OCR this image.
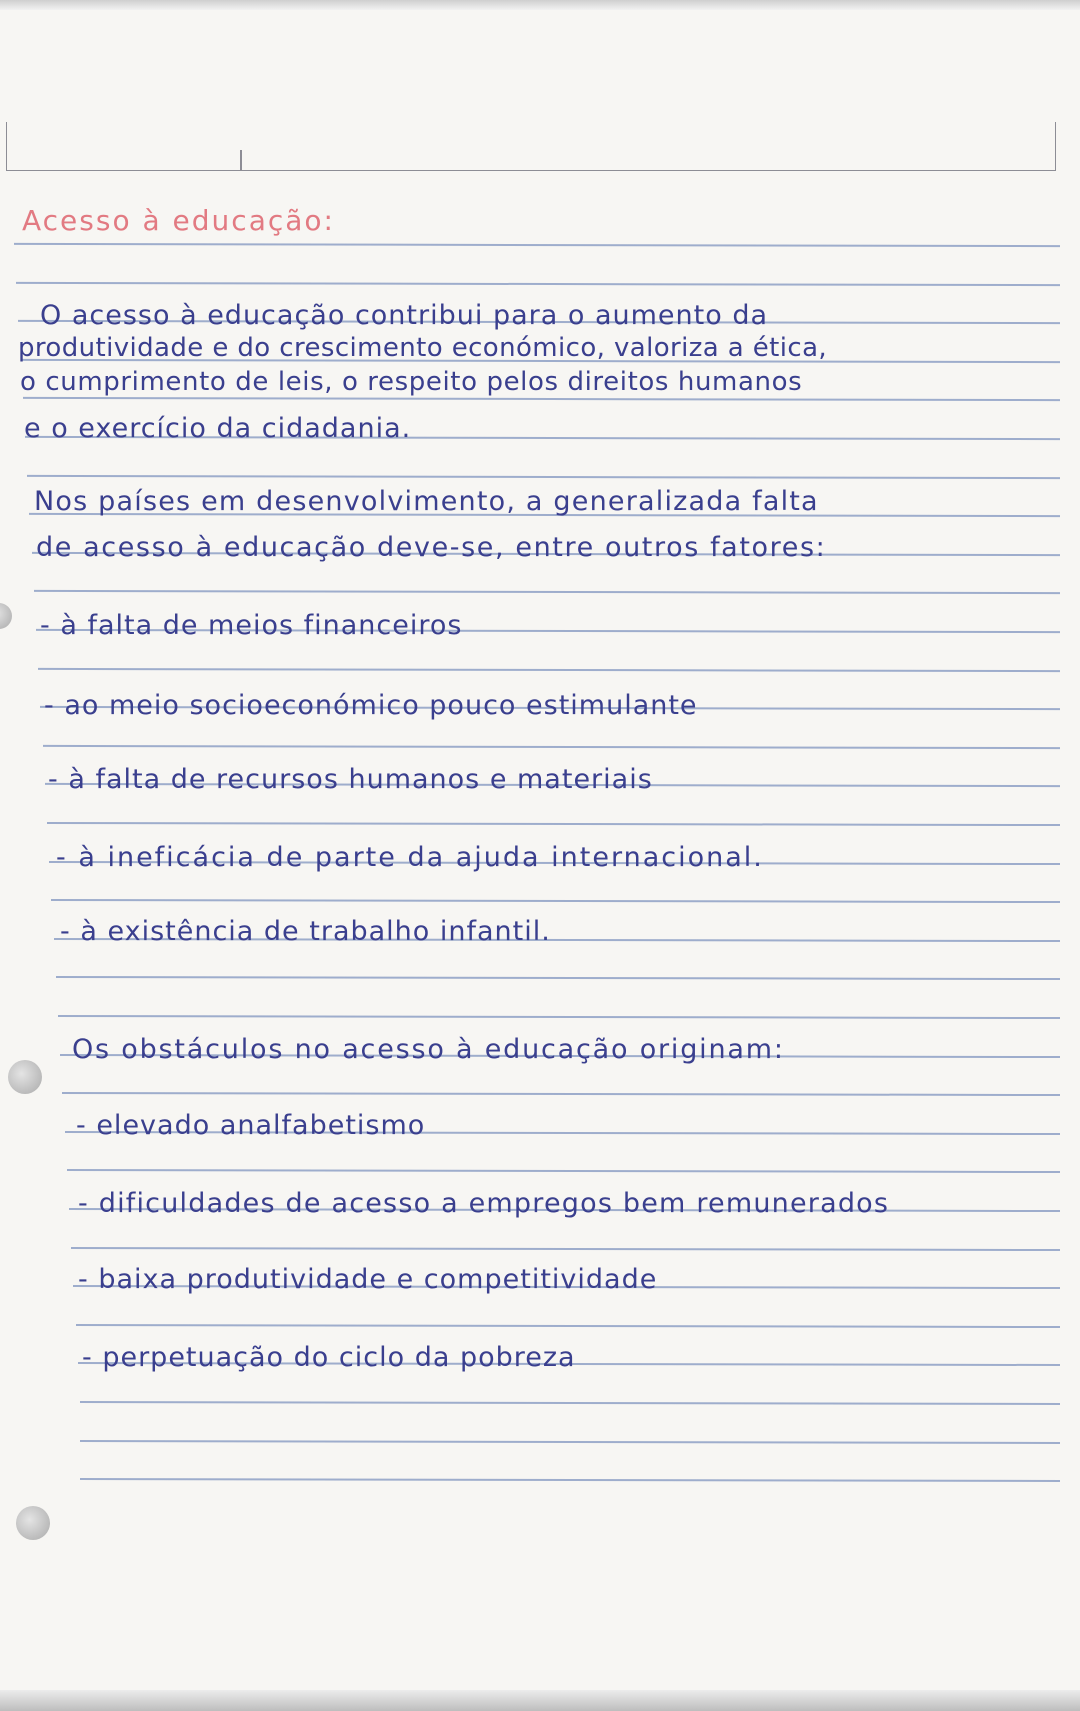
Acesso à educação:
O acesso à educação contribui para o aumento da
produtividade e do crescimento económico, valoriza a ética,
o cumprimento de leis, o respeito pelos direitos humanos
e o exercício da cidadania.
Nos países em desenvolvimento, a generalizada falta
de acesso à educação deve-se, entre outros fatores:
- à falta de meios financeiros
- ao meio socioeconómico pouco estimulante
- à falta de recursos humanos e materiais
- à ineficácia de parte da ajuda internacional.
- à existência de trabalho infantil.
Os obstáculos no acesso à educação originam:
- elevado analfabetismo
- dificuldades de acesso a empregos bem remunerados
- baixa produtividade e competitividade
- perpetuação do ciclo da pobreza
